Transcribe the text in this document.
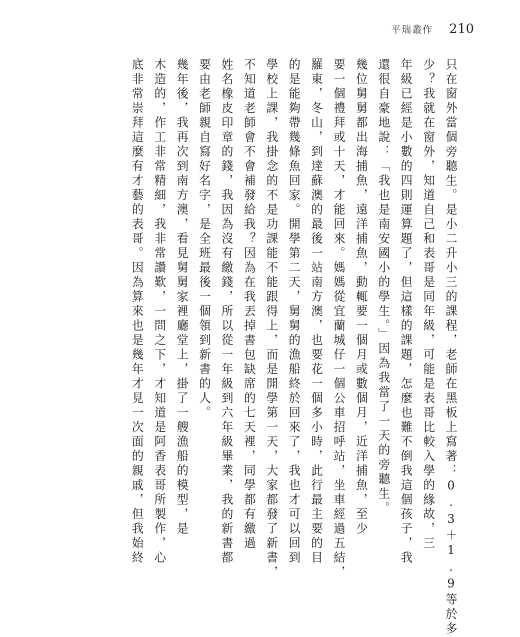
平瑞叢作 210
只在窗外當個旁聽生。是小二升小三的課程，老師在黑板上寫著：0.3＋1.9等於多
少？我就在窗外，知道自己和表哥是同年級，可能是表哥比較入學的緣故，三
年級已經是小數的四則運算題了，但這樣的課題，怎麼也難不倒我這個孩子，我
還很自豪地說：「我也是南安國小的學生。」因為我當了一天的旁聽生。
幾位舅舅都出海捕魚，遠洋捕魚，動輒要一個月或數個月，近洋捕魚，至少
要一個禮拜或十天，才能回來。媽媽從宜蘭城仔一個公車招呼站，坐車經過五結，
羅東，冬山，到達蘇澳的最後一站南方澳，也要花一個多小時，此行最主要的目
的是能夠帶幾條魚回家。開學第二天，舅舅的漁船終於回來了，我也才可以回到
學校上課，我掛念的不是功課能不能跟得上，而是開學第一天，大家都發了新書，
不知道老師會不會補發給我？因為在我丟掉書包缺席的七天裡，同學都有繳過
姓名橡皮印章的錢，我因為沒有繳錢，所以從一年級到六年級畢業，我的新書都
要由老師親自寫好名字，是全班最後一個領到新書的人。
幾年後，我再次到南方澳，看見舅舅家裡廳堂上，掛了一艘漁船的模型，是
木造的，作工非常精細，我非常讚歎，一問之下，才知道是阿香表哥所製作，心
底非常崇拜這麼有才藝的表哥。因為算來也是幾年才見一次面的親戚，但我始終
